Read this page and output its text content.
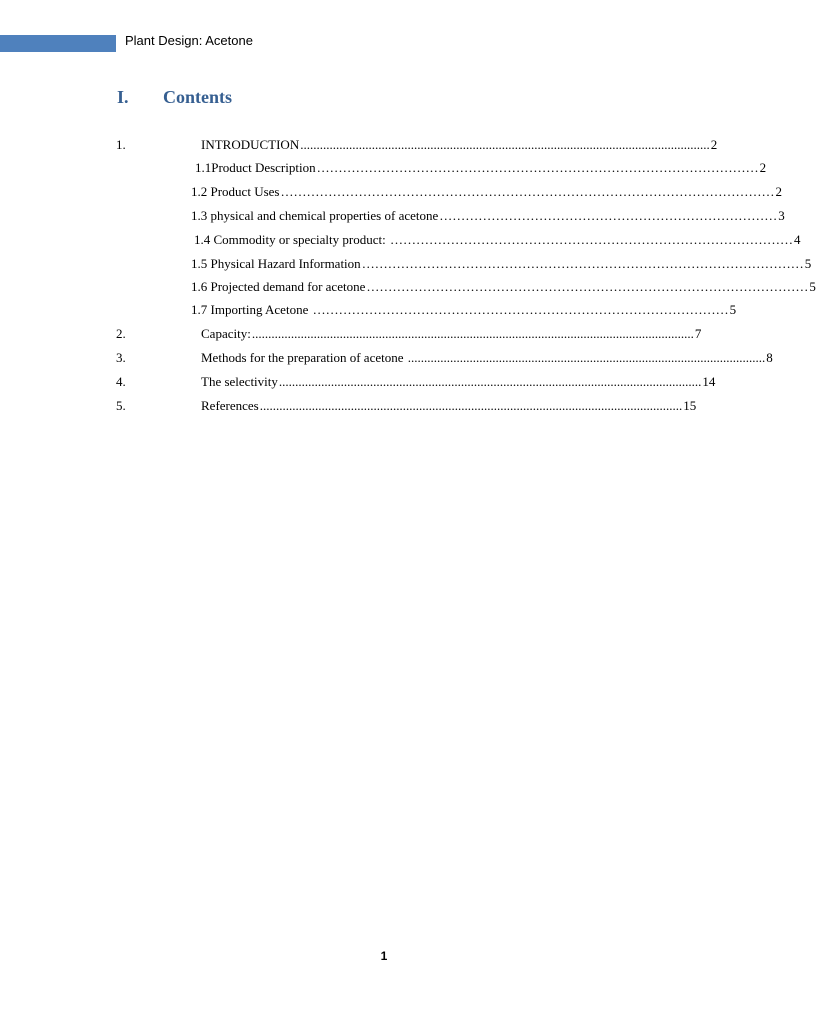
Plant Design: Acetone
I. Contents
1.	INTRODUCTION .............................................................................................................................. 2
1.1Product Description ………………………………………………………………………………………… 2
1.2 Product Uses …………………………………………………………………………………………………… 2
1.3 physical and chemical properties of acetone …………………………………………………………………… 3
1.4 Commodity or specialty product: ………………………………………………………………………………… 4
1.5 Physical Hazard Information ………………………………………………………………………………………… 5
1.6 Projected demand for acetone ………………………………………………………………………………………… 5
1.7 Importing Acetone …………………………………………………………………………………… 5
2.	Capacity: ........................................................................................................................................ 7
3.	Methods for the preparation of acetone .............................................................................................................. 8
4.	The selectivity .................................................................................................................................. 14
5.	References .................................................................................................................................. 15
1
